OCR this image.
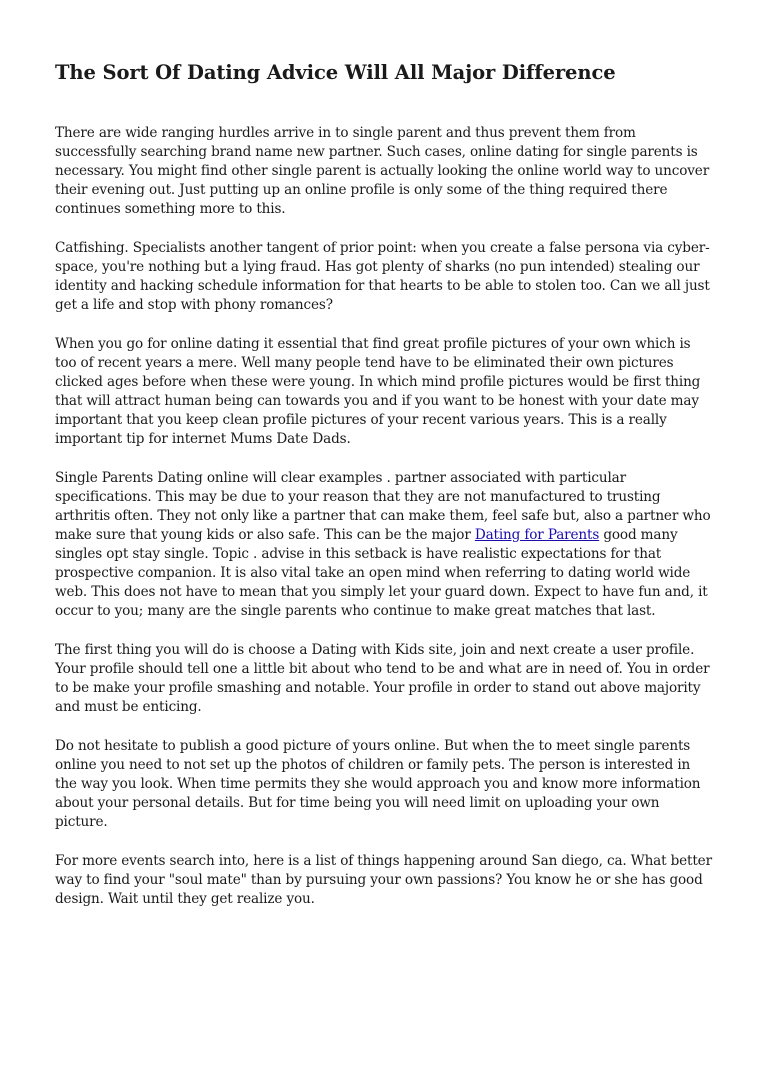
The Sort Of Dating Advice Will All Major Difference

There are wide ranging hurdles arrive in to single parent and thus prevent them from successfully searching brand name new partner. Such cases, online dating for single parents is necessary. You might find other single parent is actually looking the online world way to uncover their evening out. Just putting up an online profile is only some of the thing required there continues something more to this.

Catfishing. Specialists another tangent of prior point: when you create a false persona via cyber-space, you're nothing but a lying fraud. Has got plenty of sharks (no pun intended) stealing our identity and hacking schedule information for that hearts to be able to stolen too. Can we all just get a life and stop with phony romances?

When you go for online dating it essential that find great profile pictures of your own which is too of recent years a mere. Well many people tend have to be eliminated their own pictures clicked ages before when these were young. In which mind profile pictures would be first thing that will attract human being can towards you and if you want to be honest with your date may important that you keep clean profile pictures of your recent various years. This is a really important tip for internet Mums Date Dads.

Single Parents Dating online will clear examples . partner associated with particular specifications. This may be due to your reason that they are not manufactured to trusting arthritis often. They not only like a partner that can make them, feel safe but, also a partner who make sure that young kids or also safe. This can be the major Dating for Parents good many singles opt stay single. Topic . advise in this setback is have realistic expectations for that prospective companion. It is also vital take an open mind when referring to dating world wide web. This does not have to mean that you simply let your guard down. Expect to have fun and, it occur to you; many are the single parents who continue to make great matches that last.

The first thing you will do is choose a Dating with Kids site, join and next create a user profile. Your profile should tell one a little bit about who tend to be and what are in need of. You in order to be make your profile smashing and notable. Your profile in order to stand out above majority and must be enticing.

Do not hesitate to publish a good picture of yours online. But when the to meet single parents online you need to not set up the photos of children or family pets. The person is interested in the way you look. When time permits they she would approach you and know more information about your personal details. But for time being you will need limit on uploading your own picture.

For more events search into, here is a list of things happening around San diego, ca. What better way to find your "soul mate" than by pursuing your own passions? You know he or she has good design. Wait until they get realize you.
